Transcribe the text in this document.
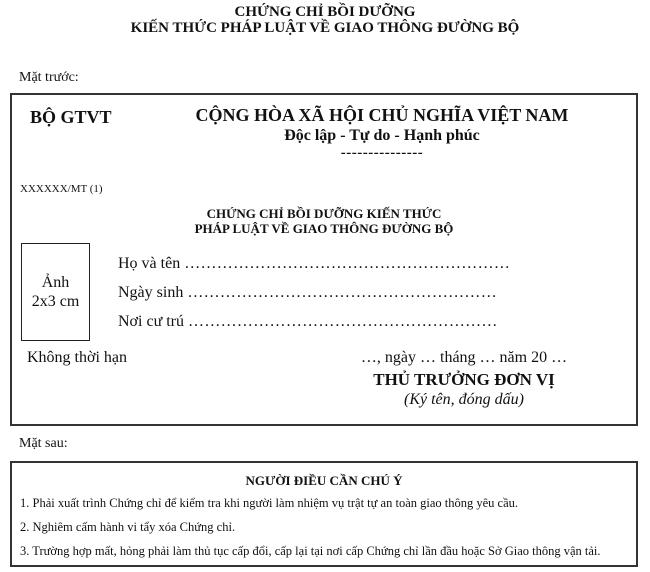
CHỨNG CHỈ BỒI DƯỠNG
KIẾN THỨC PHÁP LUẬT VỀ GIAO THÔNG ĐƯỜNG BỘ
Mặt trước:
BỘ GTVT	CỘNG HÒA XÃ HỘI CHỦ NGHĨA VIỆT NAM
Độc lập - Tự do - Hạnh phúc
---------------
XXXXXX/MT (1)
CHỨNG CHỈ BỒI DƯỠNG KIẾN THỨC
PHÁP LUẬT VỀ GIAO THÔNG ĐƯỜNG BỘ
Ảnh
2x3 cm
Họ và tên ……………………………………………………
Ngày sinh …………………………………………………
Nơi cư trú …………………………………………………
Không thời hạn	…, ngày … tháng … năm 20 …
THỦ TRƯỞNG ĐƠN VỊ
(Ký tên, đóng dấu)
Mặt sau:
NGƯỜI ĐIỀU CẦN CHÚ Ý
1. Phải xuất trình Chứng chỉ để kiểm tra khi người làm nhiệm vụ trật tự an toàn giao thông yêu cầu.
2. Nghiêm cấm hành vi tẩy xóa Chứng chỉ.
3. Trường hợp mất, hỏng phải làm thủ tục cấp đổi, cấp lại tại nơi cấp Chứng chỉ lần đầu hoặc Sở Giao thông vận tải.
